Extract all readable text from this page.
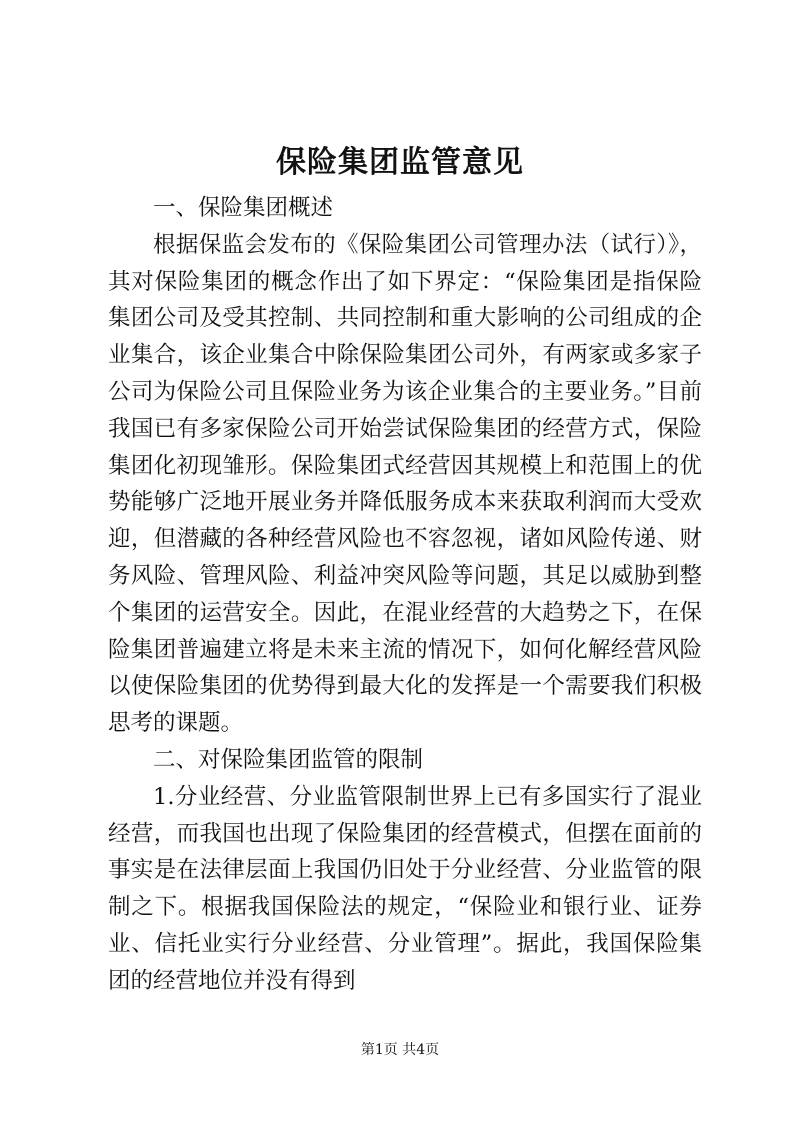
保险集团监管意见

一、保险集团概述

根据保监会发布的《保险集团公司管理办法（试行）》，其对保险集团的概念作出了如下界定：“保险集团是指保险集团公司及受其控制、共同控制和重大影响的公司组成的企业集合，该企业集合中除保险集团公司外，有两家或多家子公司为保险公司且保险业务为该企业集合的主要业务。”目前我国已有多家保险公司开始尝试保险集团的经营方式，保险集团化初现雏形。保险集团式经营因其规模上和范围上的优势能够广泛地开展业务并降低服务成本来获取利润而大受欢迎，但潜藏的各种经营风险也不容忽视，诸如风险传递、财务风险、管理风险、利益冲突风险等问题，其足以威胁到整个集团的运营安全。因此，在混业经营的大趋势之下，在保险集团普遍建立将是未来主流的情况下，如何化解经营风险以使保险集团的优势得到最大化的发挥是一个需要我们积极思考的课题。

二、对保险集团监管的限制

1.分业经营、分业监管限制世界上已有多国实行了混业经营，而我国也出现了保险集团的经营模式，但摆在面前的事实是在法律层面上我国仍旧处于分业经营、分业监管的限制之下。根据我国保险法的规定，“保险业和银行业、证券业、信托业实行分业经营、分业管理”。据此，我国保险集团的经营地位并没有得到

第1页 共4页
